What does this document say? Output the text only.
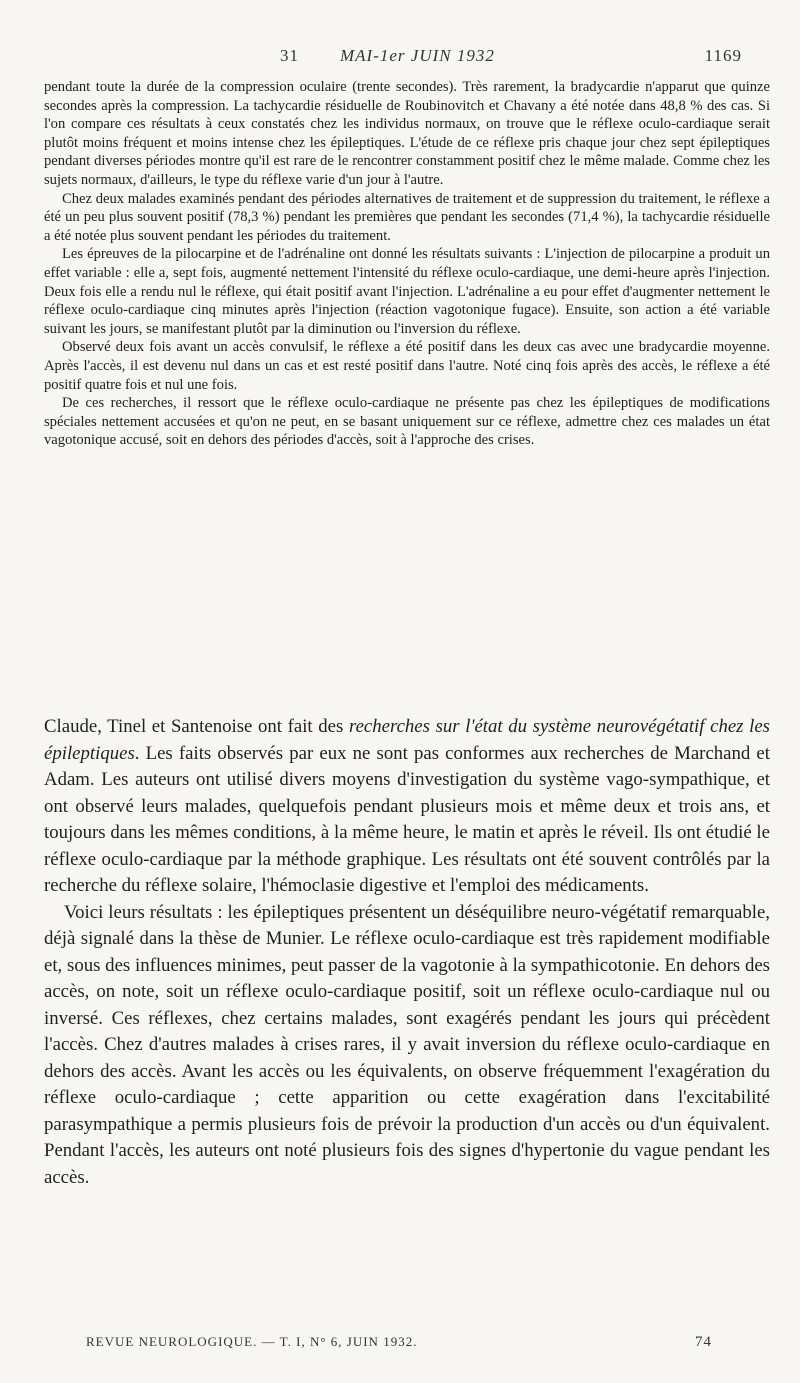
31 MAI-1er JUIN 1932	1169

pendant toute la durée de la compression oculaire (trente secondes). Très rarement, la bradycardie n'apparut que quinze secondes après la compression. La tachycardie résiduelle de Roubinovitch et Chavany a été notée dans 48,8 % des cas. Si l'on compare ces résultats à ceux constatés chez les individus normaux, on trouve que le réflexe oculo-cardiaque serait plutôt moins fréquent et moins intense chez les épileptiques. L'étude de ce réflexe pris chaque jour chez sept épileptiques pendant diverses périodes montre qu'il est rare de le rencontrer constamment positif chez le même malade. Comme chez les sujets normaux, d'ailleurs, le type du réflexe varie d'un jour à l'autre.

Chez deux malades examinés pendant des périodes alternatives de traitement et de suppression du traitement, le réflexe a été un peu plus souvent positif (78,3 %) pendant les premières que pendant les secondes (71,4 %), la tachycardie résiduelle a été notée plus souvent pendant les périodes du traitement.

Les épreuves de la pilocarpine et de l'adrénaline ont donné les résultats suivants : L'injection de pilocarpine a produit un effet variable : elle a, sept fois, augmenté nettement l'intensité du réflexe oculo-cardiaque, une demi-heure après l'injection. Deux fois elle a rendu nul le réflexe, qui était positif avant l'injection. L'adrénaline a eu pour effet d'augmenter nettement le réflexe oculo-cardiaque cinq minutes après l'injection (réaction vagotonique fugace). Ensuite, son action a été variable suivant les jours, se manifestant plutôt par la diminution ou l'inversion du réflexe.

Observé deux fois avant un accès convulsif, le réflexe a été positif dans les deux cas avec une bradycardie moyenne. Après l'accès, il est devenu nul dans un cas et est resté positif dans l'autre. Noté cinq fois après des accès, le réflexe a été positif quatre fois et nul une fois.

De ces recherches, il ressort que le réflexe oculo-cardiaque ne présente pas chez les épileptiques de modifications spéciales nettement accusées et qu'on ne peut, en se basant uniquement sur ce réflexe, admettre chez ces malades un état vagotonique accusé, soit en dehors des périodes d'accès, soit à l'approche des crises.

Claude, Tinel et Santenoise ont fait des recherches sur l'état du système neurovégétatif chez les épileptiques. Les faits observés par eux ne sont pas conformes aux recherches de Marchand et Adam. Les auteurs ont utilisé divers moyens d'investigation du système vago-sympathique, et ont observé leurs malades, quelquefois pendant plusieurs mois et même deux et trois ans, et toujours dans les mêmes conditions, à la même heure, le matin et après le réveil. Ils ont étudié le réflexe oculo-cardiaque par la méthode graphique. Les résultats ont été souvent contrôlés par la recherche du réflexe solaire, l'hémoclasie digestive et l'emploi des médicaments.

Voici leurs résultats : les épileptiques présentent un déséquilibre neuro-végétatif remarquable, déjà signalé dans la thèse de Munier. Le réflexe oculo-cardiaque est très rapidement modifiable et, sous des influences minimes, peut passer de la vagotonie à la sympathicotonie. En dehors des accès, on note, soit un réflexe oculo-cardiaque positif, soit un réflexe oculo-cardiaque nul ou inversé. Ces réflexes, chez certains malades, sont exagérés pendant les jours qui précèdent l'accès. Chez d'autres malades à crises rares, il y avait inversion du réflexe oculo-cardiaque en dehors des accès. Avant les accès ou les équivalents, on observe fréquemment l'exagération du réflexe oculo-cardiaque ; cette apparition ou cette exagération dans l'excitabilité parasympathique a permis plusieurs fois de prévoir la production d'un accès ou d'un équivalent. Pendant l'accès, les auteurs ont noté plusieurs fois des signes d'hypertonie du vague pendant les accès.

REVUE NEUROLOGIQUE. — T. I, N° 6, JUIN 1932.	74
